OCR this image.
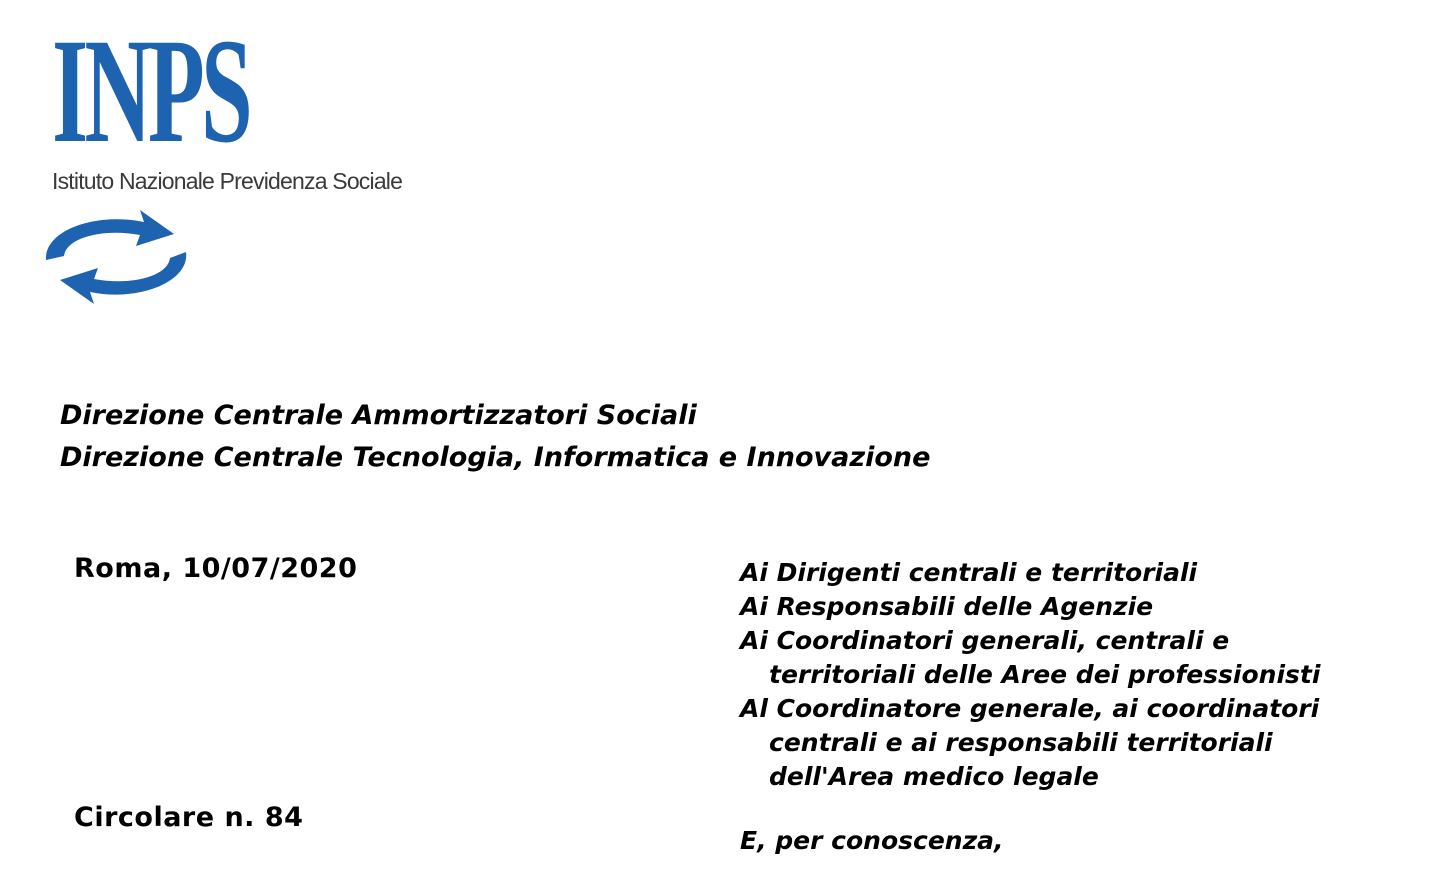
INPS
Istituto Nazionale Previdenza Sociale
Direzione Centrale Ammortizzatori Sociali
Direzione Centrale Tecnologia, Informatica e Innovazione
Roma, 10/07/2020
Circolare n. 84
Ai Dirigenti centrali e territoriali
Ai Responsabili delle Agenzie
Ai Coordinatori generali, centrali e
territoriali delle Aree dei professionisti
Al Coordinatore generale, ai coordinatori
centrali e ai responsabili territoriali
dell'Area medico legale
E, per conoscenza,
